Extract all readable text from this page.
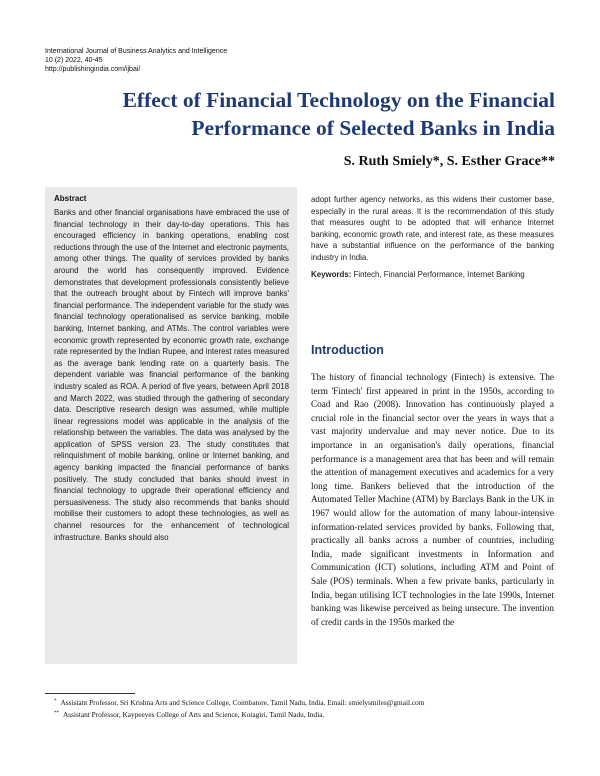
International Journal of Business Analytics and Intelligence
10 (2) 2022, 40-45
http://publishingindia.com/ijbai/
Effect of Financial Technology on the Financial Performance of Selected Banks in India
S. Ruth Smiely*, S. Esther Grace**
Abstract
Banks and other financial organisations have embraced the use of financial technology in their day-to-day operations. This has encouraged efficiency in banking operations, enabling cost reductions through the use of the Internet and electronic payments, among other things. The quality of services provided by banks around the world has consequently improved. Evidence demonstrates that development professionals consistently believe that the outreach brought about by Fintech will improve banks' financial performance. The independent variable for the study was financial technology operationalised as service banking, mobile banking, Internet banking, and ATMs. The control variables were economic growth represented by economic growth rate, exchange rate represented by the Indian Rupee, and interest rates measured as the average bank lending rate on a quarterly basis. The dependent variable was financial performance of the banking industry scaled as ROA. A period of five years, between April 2018 and March 2022, was studied through the gathering of secondary data. Descriptive research design was assumed, while multiple linear regressions model was applicable in the analysis of the relationship between the variables. The data was analysed by the application of SPSS version 23. The study constitutes that relinquishment of mobile banking, online or Internet banking, and agency banking impacted the financial performance of banks positively. The study concluded that banks should invest in financial technology to upgrade their operational efficiency and persuasiveness. The study also recommends that banks should mobilise their customers to adopt these technologies, as well as channel resources for the enhancement of technological infrastructure. Banks should also
adopt further agency networks, as this widens their customer base, especially in the rural areas. It is the recommendation of this study that measures ought to be adopted that will enhance Internet banking, economic growth rate, and interest rate, as these measures have a substantial influence on the performance of the banking industry in India.
Keywords: Fintech, Financial Performance, Internet Banking
Introduction
The history of financial technology (Fintech) is extensive. The term 'Fintech' first appeared in print in the 1950s, according to Coad and Rao (2008). Innovation has continuously played a crucial role in the financial sector over the years in ways that a vast majority undervalue and may never notice. Due to its importance in an organisation's daily operations, financial performance is a management area that has been and will remain the attention of management executives and academics for a very long time. Bankers believed that the introduction of the Automated Teller Machine (ATM) by Barclays Bank in the UK in 1967 would allow for the automation of many labour-intensive information-related services provided by banks. Following that, practically all banks across a number of countries, including India, made significant investments in Information and Communication (ICT) solutions, including ATM and Point of Sale (POS) terminals. When a few private banks, particularly in India, began utilising ICT technologies in the late 1990s, Internet banking was likewise perceived as being unsecure. The invention of credit cards in the 1950s marked the
* Assistant Professor, Sri Krishna Arts and Science College, Coimbatore, Tamil Nadu, India. Email: smielysmiles@gmail.com
** Assistant Professor, Kaypeeyes College of Arts and Science, Kotagiri, Tamil Nadu, India.
